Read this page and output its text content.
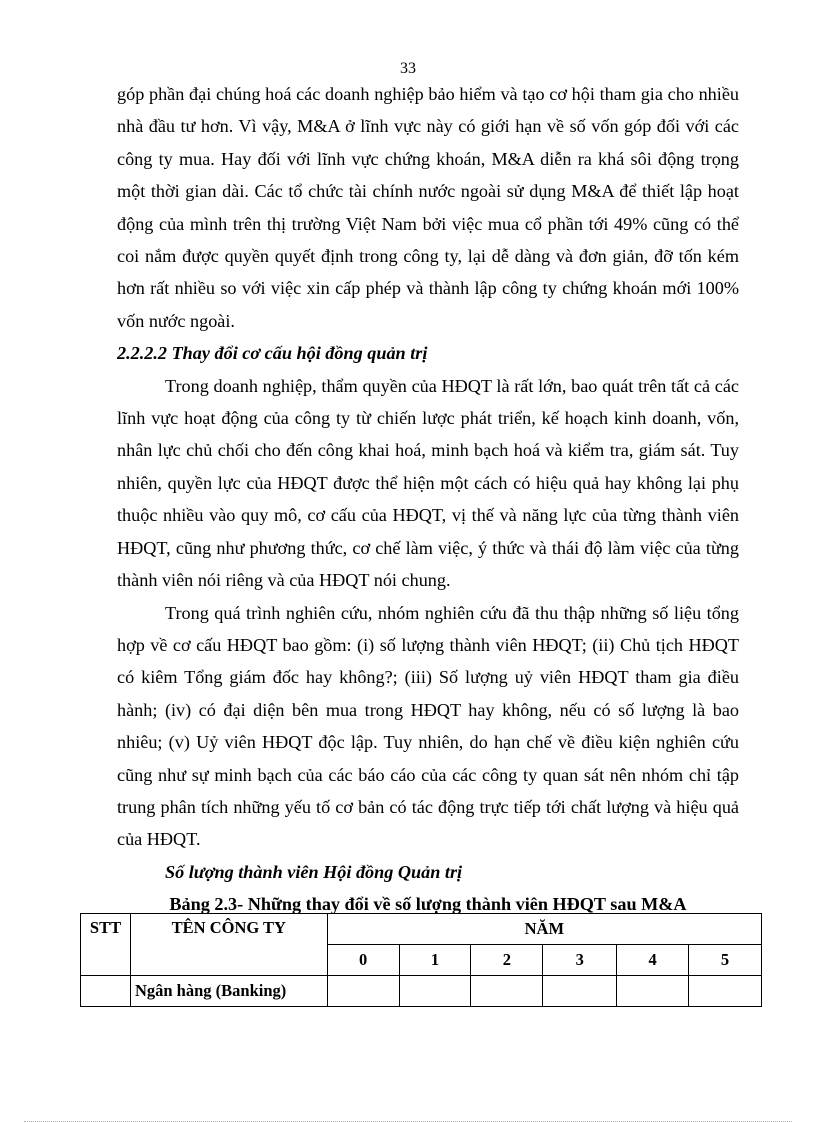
33

góp phần đại chúng hoá các doanh nghiệp bảo hiểm và tạo cơ hội tham gia cho nhiều nhà đầu tư hơn. Vì vậy, M&A ở lĩnh vực này có giới hạn về số vốn góp đối với các công ty mua. Hay đối với lĩnh vực chứng khoán, M&A diễn ra khá sôi động trọng một thời gian dài. Các tổ chức tài chính nước ngoài sử dụng M&A để thiết lập hoạt động của mình trên thị trường Việt Nam bởi việc mua cổ phần tới 49% cũng có thể coi nắm được quyền quyết định trong công ty, lại dễ dàng và đơn giản, đỡ tốn kém hơn rất nhiều so với việc xin cấp phép và thành lập công ty chứng khoán mới 100% vốn nước ngoài.

2.2.2.2 Thay đổi cơ cấu hội đồng quản trị

Trong doanh nghiệp, thẩm quyền của HĐQT là rất lớn, bao quát trên tất cả các lĩnh vực hoạt động của công ty từ chiến lược phát triển, kế hoạch kinh doanh, vốn, nhân lực chủ chối cho đến công khai hoá, minh bạch hoá và kiểm tra, giám sát. Tuy nhiên, quyền lực của HĐQT được thể hiện một cách có hiệu quả hay không lại phụ thuộc nhiều vào quy mô, cơ cấu của HĐQT, vị thế và năng lực của từng thành viên HĐQT, cũng như phương thức, cơ chế làm việc, ý thức và thái độ làm việc của từng thành viên nói riêng và của HĐQT nói chung.

Trong quá trình nghiên cứu, nhóm nghiên cứu đã thu thập những số liệu tổng hợp về cơ cấu HĐQT bao gồm: (i) số lượng thành viên HĐQT; (ii) Chủ tịch HĐQT có kiêm Tổng giám đốc hay không?; (iii) Số lượng uỷ viên HĐQT tham gia điều hành; (iv) có đại diện bên mua trong HĐQT hay không, nếu có số lượng là bao nhiêu; (v) Uỷ viên HĐQT độc lập. Tuy nhiên, do hạn chế về điều kiện nghiên cứu cũng như sự minh bạch của các báo cáo của các công ty quan sát nên nhóm chỉ tập trung phân tích những yếu tố cơ bản có tác động trực tiếp tới chất lượng và hiệu quả của HĐQT.

Số lượng thành viên Hội đồng Quản trị

Bảng 2.3- Những thay đổi về số lượng thành viên HĐQT sau M&A

STT	TÊN CÔNG TY	NĂM					
		0	1	2	3	4	5
	Ngân hàng (Banking)						
